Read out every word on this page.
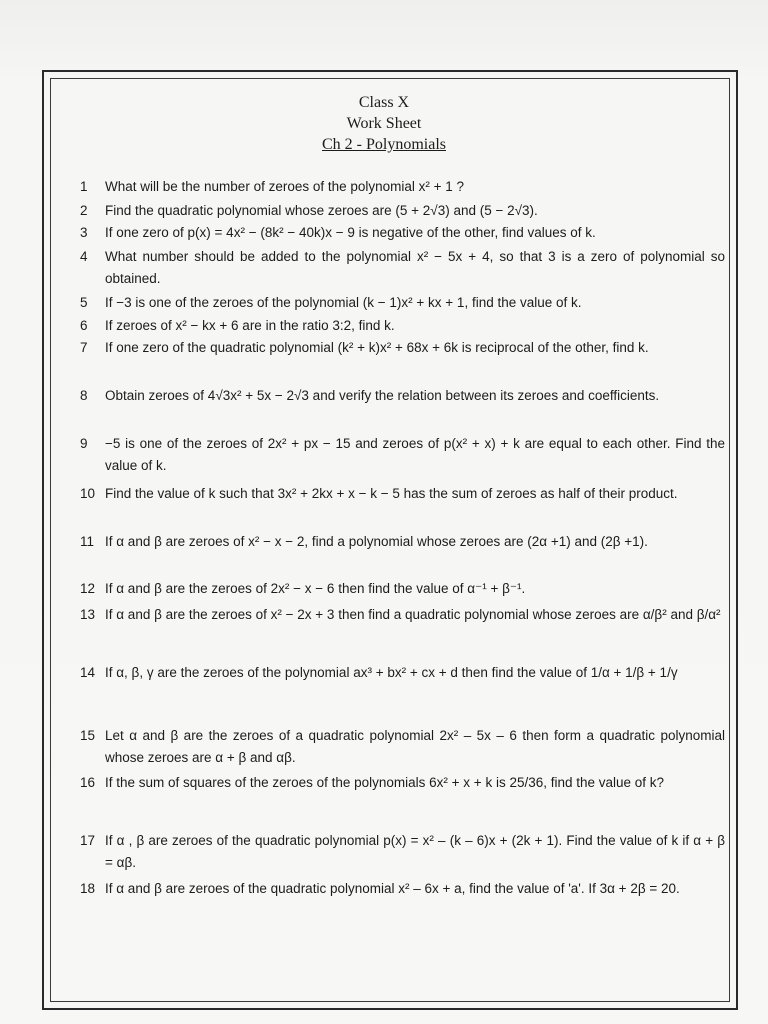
Class X
Work Sheet
Ch 2 - Polynomials
1 What will be the number of zeroes of the polynomial x² + 1 ?
2 Find the quadratic polynomial whose zeroes are (5 + 2√3) and (5 − 2√3).
3 If one zero of p(x) = 4x² − (8k² − 40k)x − 9 is negative of the other, find values of k.
4 What number should be added to the polynomial x² − 5x + 4, so that 3 is a zero of polynomial so obtained.
5 If −3 is one of the zeroes of the polynomial (k − 1)x² + kx + 1, find the value of k.
6 If zeroes of x² − kx + 6 are in the ratio 3:2, find k.
7 If one zero of the quadratic polynomial (k² + k)x² + 68x + 6k is reciprocal of the other, find k.
8 Obtain zeroes of 4√3x² + 5x − 2√3 and verify the relation between its zeroes and coefficients.
9 −5 is one of the zeroes of 2x² + px − 15 and zeroes of p(x² + x) + k are equal to each other. Find the value of k.
10 Find the value of k such that 3x² + 2kx + x − k − 5 has the sum of zeroes as half of their product.
11 If α and β are zeroes of x² − x − 2, find a polynomial whose zeroes are (2α +1) and (2β +1).
12 If α and β are the zeroes of 2x² − x − 6 then find the value of α⁻¹ + β⁻¹.
13 If α and β are the zeroes of x² − 2x + 3 then find a quadratic polynomial whose zeroes are α/β² and β/α²
14 If α, β, γ are the zeroes of the polynomial ax³ + bx² + cx + d then find the value of 1/α + 1/β + 1/γ
15 Let α and β are the zeroes of a quadratic polynomial 2x² – 5x – 6 then form a quadratic polynomial whose zeroes are α + β and αβ.
16 If the sum of squares of the zeroes of the polynomials 6x² + x + k is 25/36, find the value of k?
17 If α , β are zeroes of the quadratic polynomial p(x) = x² – (k – 6)x + (2k + 1). Find the value of k if α + β = αβ.
18 If α and β are zeroes of the quadratic polynomial x² – 6x + a, find the value of 'a'. If 3α + 2β = 20.
